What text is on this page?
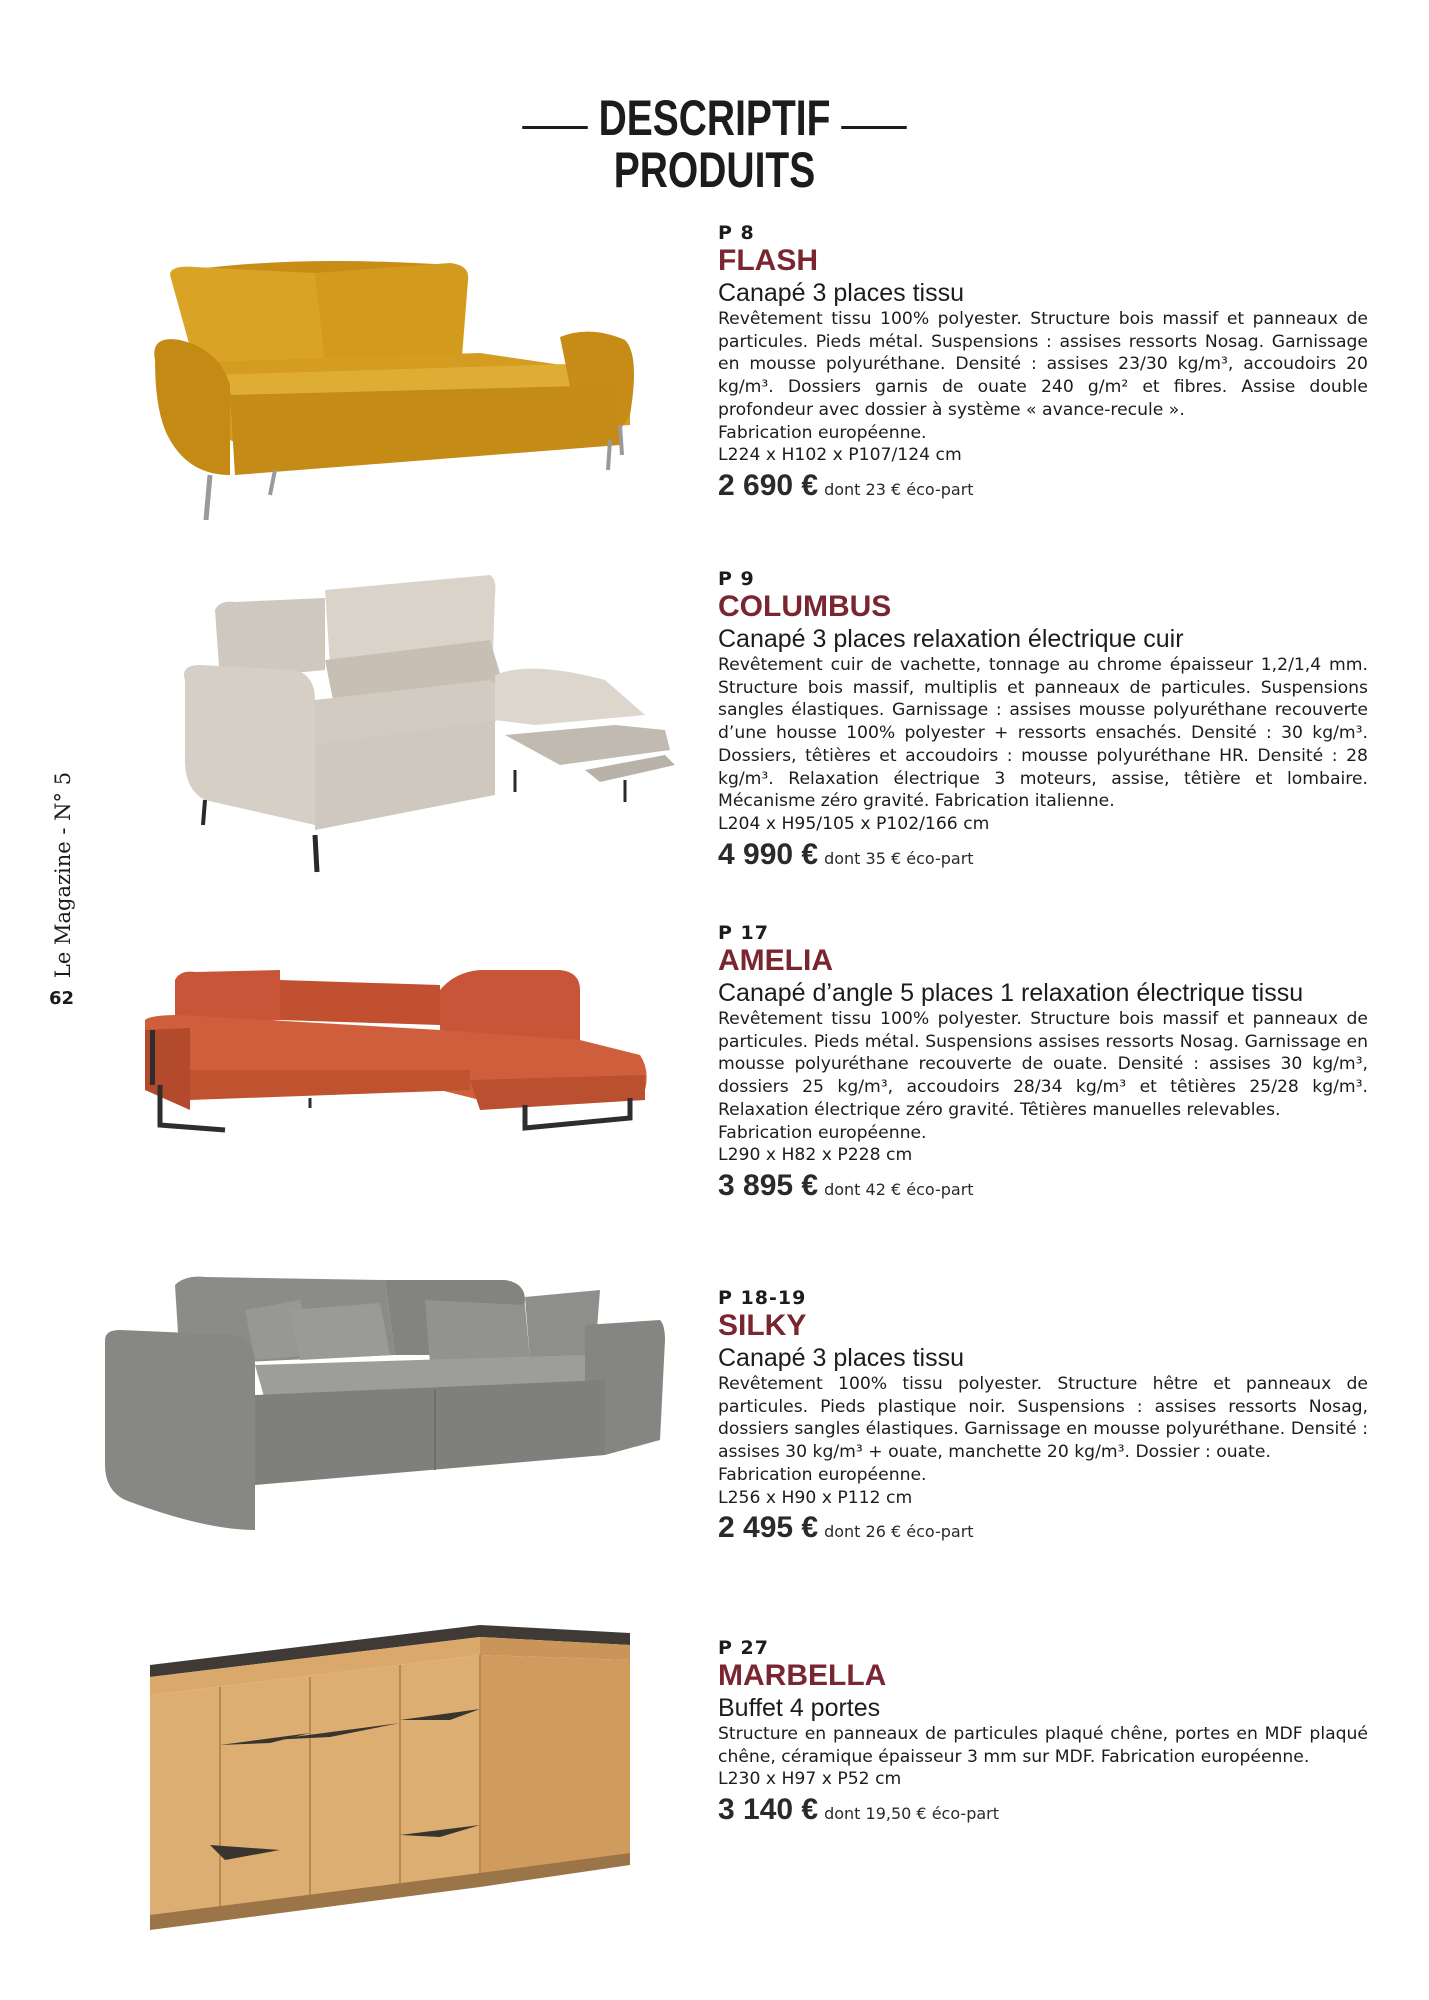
DESCRIPTIF
PRODUITS
Le Magazine - N° 5
62
P 8
FLASH
Canapé 3 places tissu

Revêtement tissu 100% polyester. Structure bois massif et panneaux de particules. Pieds métal. Suspensions : assises ressorts Nosag. Garnissage en mousse polyuréthane. Densité : assises 23/30 kg/m³, accoudoirs 20 kg/m³. Dossiers garnis de ouate 240 g/m² et fibres. Assise double profondeur avec dossier à système « avance-recule ».

Fabrication européenne.

L224 x H102 x P107/124 cm

2 690 € dont 23 € éco-part
P 9
COLUMBUS
Canapé 3 places relaxation électrique cuir

Revêtement cuir de vachette, tonnage au chrome épaisseur 1,2/1,4 mm. Structure bois massif, multiplis et panneaux de particules. Suspensions sangles élastiques. Garnissage : assises mousse polyuréthane recouverte d’une housse 100% polyester + ressorts ensachés. Densité : 30 kg/m³. Dossiers, têtières et accoudoirs : mousse polyuréthane HR. Densité : 28 kg/m³. Relaxation électrique 3 moteurs, assise, têtière et lombaire. Mécanisme zéro gravité. Fabrication italienne.

L204 x H95/105 x P102/166 cm

4 990 € dont 35 € éco-part
P 17
AMELIA
Canapé d’angle 5 places 1 relaxation électrique tissu

Revêtement tissu 100% polyester. Structure bois massif et panneaux de particules. Pieds métal. Suspensions assises ressorts Nosag. Garnissage en mousse polyuréthane recouverte de ouate. Densité : assises 30 kg/m³, dossiers 25 kg/m³, accoudoirs 28/34 kg/m³ et têtières 25/28 kg/m³. Relaxation électrique zéro gravité. Têtières manuelles relevables.

Fabrication européenne.

L290 x H82 x P228 cm

3 895 € dont 42 € éco-part
P 18-19
SILKY
Canapé 3 places tissu

Revêtement 100% tissu polyester. Structure hêtre et panneaux de particules. Pieds plastique noir. Suspensions : assises ressorts Nosag, dossiers sangles élastiques. Garnissage en mousse polyuréthane. Densité : assises 30 kg/m³ + ouate, manchette 20 kg/m³. Dossier : ouate.

Fabrication européenne.

L256 x H90 x P112 cm

2 495 € dont 26 € éco-part
P 27
MARBELLA
Buffet 4 portes

Structure en panneaux de particules plaqué chêne, portes en MDF plaqué chêne, céramique épaisseur 3 mm sur MDF. Fabrication européenne.

L230 x H97 x P52 cm

3 140 € dont 19,50 € éco-part
